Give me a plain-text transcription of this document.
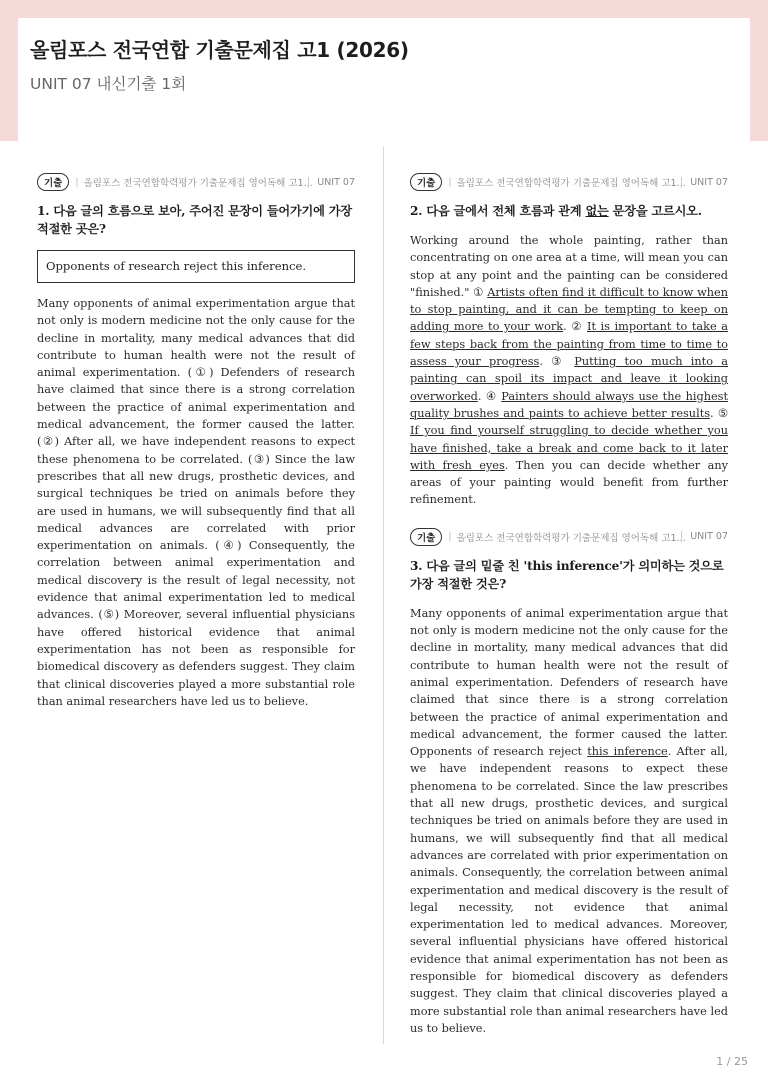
올림포스 전국연합 기출문제집 고1 (2026)
UNIT 07 내신기출 1회
기출	| 올림포스 전국연합학력평가 기출문제집 영어독해 고1... UNIT 07
1. 다음 글의 흐름으로 보아, 주어진 문장이 들어가기에 가장 적절한 곳은?
Opponents of research reject this inference.
Many opponents of animal experimentation argue that not only is modern medicine not the only cause for the decline in mortality, many medical advances that did contribute to human health were not the result of animal experimentation. (①) Defenders of research have claimed that since there is a strong correlation between the practice of animal experimentation and medical advancement, the former caused the latter. (②) After all, we have independent reasons to expect these phenomena to be correlated. (③) Since the law prescribes that all new drugs, prosthetic devices, and surgical techniques be tried on animals before they are used in humans, we will subsequently find that all medical advances are correlated with prior experimentation on animals. (④) Consequently, the correlation between animal experimentation and medical discovery is the result of legal necessity, not evidence that animal experimentation led to medical advances. (⑤) Moreover, several influential physicians have offered historical evidence that animal experimentation has not been as responsible for biomedical discovery as defenders suggest. They claim that clinical discoveries played a more substantial role than animal researchers have led us to believe.
기출	| 올림포스 전국연합학력평가 기출문제집 영어독해 고1... UNIT 07
2. 다음 글에서 전체 흐름과 관계 없는 문장을 고르시오.
Working around the whole painting, rather than concentrating on one area at a time, will mean you can stop at any point and the painting can be considered "finished." ① Artists often find it difficult to know when to stop painting, and it can be tempting to keep on adding more to your work. ② It is important to take a few steps back from the painting from time to time to assess your progress. ③ Putting too much into a painting can spoil its impact and leave it looking overworked. ④ Painters should always use the highest quality brushes and paints to achieve better results. ⑤ If you find yourself struggling to decide whether you have finished, take a break and come back to it later with fresh eyes. Then you can decide whether any areas of your painting would benefit from further refinement.
기출	| 올림포스 전국연합학력평가 기출문제집 영어독해 고1... UNIT 07
3. 다음 글의 밑줄 친 'this inference'가 의미하는 것으로 가장 적절한 것은?
Many opponents of animal experimentation argue that not only is modern medicine not the only cause for the decline in mortality, many medical advances that did contribute to human health were not the result of animal experimentation. Defenders of research have claimed that since there is a strong correlation between the practice of animal experimentation and medical advancement, the former caused the latter. Opponents of research reject this inference. After all, we have independent reasons to expect these phenomena to be correlated. Since the law prescribes that all new drugs, prosthetic devices, and surgical techniques be tried on animals before they are used in humans, we will subsequently find that all medical advances are correlated with prior experimentation on animals. Consequently, the correlation between animal experimentation and medical discovery is the result of legal necessity, not evidence that animal experimentation led to medical advances. Moreover, several influential physicians have offered historical evidence that animal experimentation has not been as responsible for biomedical discovery as defenders suggest. They claim that clinical discoveries played a more substantial role than animal researchers have led us to believe.
1 / 25
